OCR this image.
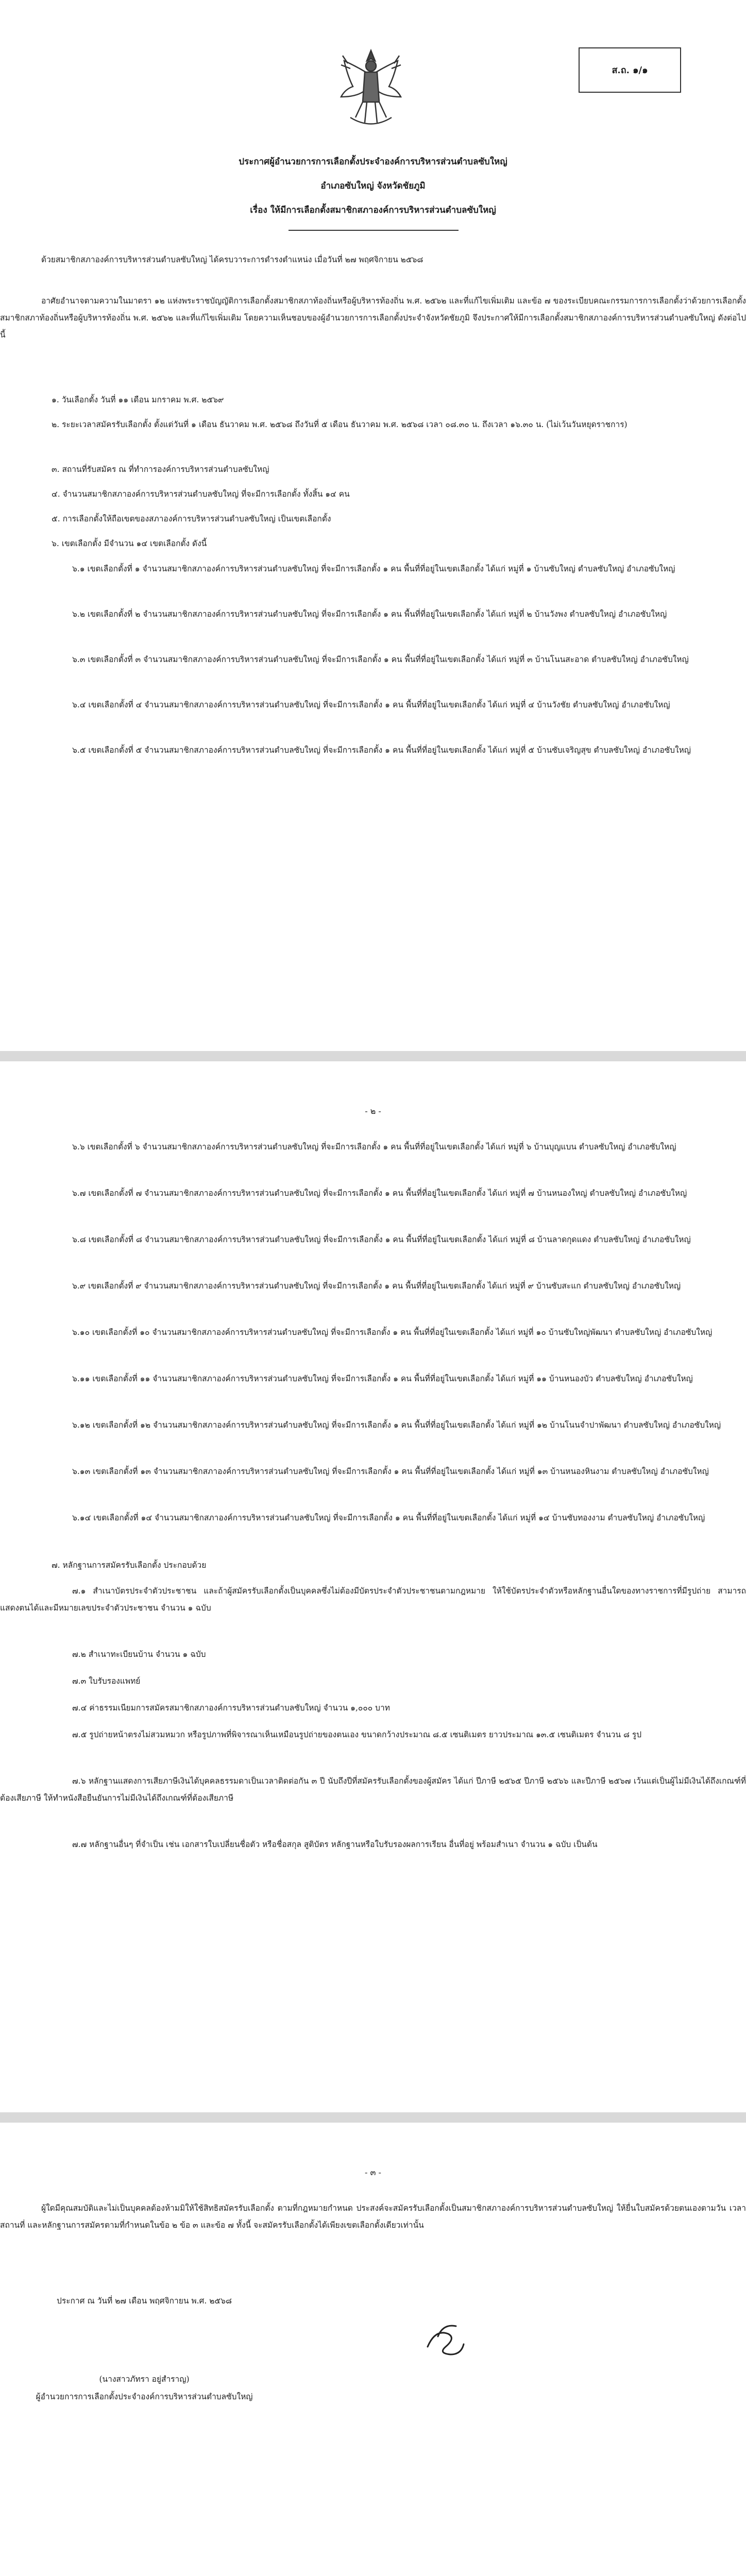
ส.ถ. ๑/๑

ประกาศผู้อำนวยการการเลือกตั้งประจำองค์การบริหารส่วนตำบลซับใหญ่

อำเภอซับใหญ่ จังหวัดชัยภูมิ

เรื่อง ให้มีการเลือกตั้งสมาชิกสภาองค์การบริหารส่วนตำบลซับใหญ่

ด้วยสมาชิกสภาองค์การบริหารส่วนตำบลซับใหญ่ ได้ครบวาระการดำรงตำแหน่ง เมื่อวันที่ ๒๗ พฤศจิกายน ๒๕๖๘

อาศัยอำนาจตามความในมาตรา ๑๒ แห่งพระราชบัญญัติการเลือกตั้งสมาชิกสภาท้องถิ่นหรือผู้บริหารท้องถิ่น พ.ศ. ๒๕๖๒ และที่แก้ไขเพิ่มเติม และข้อ ๗ ของระเบียบคณะกรรมการการเลือกตั้งว่าด้วยการเลือกตั้งสมาชิกสภาท้องถิ่นหรือผู้บริหารท้องถิ่น พ.ศ. ๒๕๖๒ และที่แก้ไขเพิ่มเติม โดยความเห็นชอบของผู้อำนวยการการเลือกตั้งประจำจังหวัดชัยภูมิ จึงประกาศให้มีการเลือกตั้งสมาชิกสภาองค์การบริหารส่วนตำบลซับใหญ่ ดังต่อไปนี้

๑. วันเลือกตั้ง วันที่ ๑๑ เดือน มกราคม พ.ศ. ๒๕๖๙

๒. ระยะเวลาสมัครรับเลือกตั้ง ตั้งแต่วันที่ ๑ เดือน ธันวาคม พ.ศ. ๒๕๖๘ ถึงวันที่ ๕ เดือน ธันวาคม พ.ศ. ๒๕๖๘ เวลา ๐๘.๓๐ น. ถึงเวลา ๑๖.๓๐ น. (ไม่เว้นวันหยุดราชการ)

๓. สถานที่รับสมัคร ณ ที่ทำการองค์การบริหารส่วนตำบลซับใหญ่

๔. จำนวนสมาชิกสภาองค์การบริหารส่วนตำบลซับใหญ่ ที่จะมีการเลือกตั้ง ทั้งสิ้น ๑๔ คน

๕. การเลือกตั้งให้ถือเขตของสภาองค์การบริหารส่วนตำบลซับใหญ่ เป็นเขตเลือกตั้ง

๖. เขตเลือกตั้ง มีจำนวน ๑๔ เขตเลือกตั้ง ดังนี้

๖.๑ เขตเลือกตั้งที่ ๑ จำนวนสมาชิกสภาองค์การบริหารส่วนตำบลซับใหญ่ ที่จะมีการเลือกตั้ง ๑ คน พื้นที่ที่อยู่ในเขตเลือกตั้ง ได้แก่ หมู่ที่ ๑ บ้านซับใหญ่ ตำบลซับใหญ่ อำเภอซับใหญ่

๖.๒ เขตเลือกตั้งที่ ๒ จำนวนสมาชิกสภาองค์การบริหารส่วนตำบลซับใหญ่ ที่จะมีการเลือกตั้ง ๑ คน พื้นที่ที่อยู่ในเขตเลือกตั้ง ได้แก่ หมู่ที่ ๒ บ้านวังพง ตำบลซับใหญ่ อำเภอซับใหญ่

๖.๓ เขตเลือกตั้งที่ ๓ จำนวนสมาชิกสภาองค์การบริหารส่วนตำบลซับใหญ่ ที่จะมีการเลือกตั้ง ๑ คน พื้นที่ที่อยู่ในเขตเลือกตั้ง ได้แก่ หมู่ที่ ๓ บ้านโนนสะอาด ตำบลซับใหญ่ อำเภอซับใหญ่

๖.๔ เขตเลือกตั้งที่ ๔ จำนวนสมาชิกสภาองค์การบริหารส่วนตำบลซับใหญ่ ที่จะมีการเลือกตั้ง ๑ คน พื้นที่ที่อยู่ในเขตเลือกตั้ง ได้แก่ หมู่ที่ ๔ บ้านวังชัย ตำบลซับใหญ่ อำเภอซับใหญ่

๖.๕ เขตเลือกตั้งที่ ๕ จำนวนสมาชิกสภาองค์การบริหารส่วนตำบลซับใหญ่ ที่จะมีการเลือกตั้ง ๑ คน พื้นที่ที่อยู่ในเขตเลือกตั้ง ได้แก่ หมู่ที่ ๕ บ้านซับเจริญสุข ตำบลซับใหญ่ อำเภอซับใหญ่

- ๒ -

๖.๖ เขตเลือกตั้งที่ ๖ จำนวนสมาชิกสภาองค์การบริหารส่วนตำบลซับใหญ่ ที่จะมีการเลือกตั้ง ๑ คน พื้นที่ที่อยู่ในเขตเลือกตั้ง ได้แก่ หมู่ที่ ๖ บ้านบุญแบน ตำบลซับใหญ่ อำเภอซับใหญ่

๖.๗ เขตเลือกตั้งที่ ๗ จำนวนสมาชิกสภาองค์การบริหารส่วนตำบลซับใหญ่ ที่จะมีการเลือกตั้ง ๑ คน พื้นที่ที่อยู่ในเขตเลือกตั้ง ได้แก่ หมู่ที่ ๗ บ้านหนองใหญ่ ตำบลซับใหญ่ อำเภอซับใหญ่

๖.๘ เขตเลือกตั้งที่ ๘ จำนวนสมาชิกสภาองค์การบริหารส่วนตำบลซับใหญ่ ที่จะมีการเลือกตั้ง ๑ คน พื้นที่ที่อยู่ในเขตเลือกตั้ง ได้แก่ หมู่ที่ ๘ บ้านลาดกุดแดง ตำบลซับใหญ่ อำเภอซับใหญ่

๖.๙ เขตเลือกตั้งที่ ๙ จำนวนสมาชิกสภาองค์การบริหารส่วนตำบลซับใหญ่ ที่จะมีการเลือกตั้ง ๑ คน พื้นที่ที่อยู่ในเขตเลือกตั้ง ได้แก่ หมู่ที่ ๙ บ้านซับสะแก ตำบลซับใหญ่ อำเภอซับใหญ่

๖.๑๐ เขตเลือกตั้งที่ ๑๐ จำนวนสมาชิกสภาองค์การบริหารส่วนตำบลซับใหญ่ ที่จะมีการเลือกตั้ง ๑ คน พื้นที่ที่อยู่ในเขตเลือกตั้ง ได้แก่ หมู่ที่ ๑๐ บ้านซับใหญ่พัฒนา ตำบลซับใหญ่ อำเภอซับใหญ่

๖.๑๑ เขตเลือกตั้งที่ ๑๑ จำนวนสมาชิกสภาองค์การบริหารส่วนตำบลซับใหญ่ ที่จะมีการเลือกตั้ง ๑ คน พื้นที่ที่อยู่ในเขตเลือกตั้ง ได้แก่ หมู่ที่ ๑๑ บ้านหนองบัว ตำบลซับใหญ่ อำเภอซับใหญ่

๖.๑๒ เขตเลือกตั้งที่ ๑๒ จำนวนสมาชิกสภาองค์การบริหารส่วนตำบลซับใหญ่ ที่จะมีการเลือกตั้ง ๑ คน พื้นที่ที่อยู่ในเขตเลือกตั้ง ได้แก่ หมู่ที่ ๑๒ บ้านโนนจำปาพัฒนา ตำบลซับใหญ่ อำเภอซับใหญ่

๖.๑๓ เขตเลือกตั้งที่ ๑๓ จำนวนสมาชิกสภาองค์การบริหารส่วนตำบลซับใหญ่ ที่จะมีการเลือกตั้ง ๑ คน พื้นที่ที่อยู่ในเขตเลือกตั้ง ได้แก่ หมู่ที่ ๑๓ บ้านหนองหินงาม ตำบลซับใหญ่ อำเภอซับใหญ่

๖.๑๔ เขตเลือกตั้งที่ ๑๔ จำนวนสมาชิกสภาองค์การบริหารส่วนตำบลซับใหญ่ ที่จะมีการเลือกตั้ง ๑ คน พื้นที่ที่อยู่ในเขตเลือกตั้ง ได้แก่ หมู่ที่ ๑๔ บ้านซับทองงาม ตำบลซับใหญ่ อำเภอซับใหญ่

๗. หลักฐานการสมัครรับเลือกตั้ง ประกอบด้วย

๗.๑ สำเนาบัตรประจำตัวประชาชน และถ้าผู้สมัครรับเลือกตั้งเป็นบุคคลซึ่งไม่ต้องมีบัตรประจำตัวประชาชนตามกฎหมาย ให้ใช้บัตรประจำตัวหรือหลักฐานอื่นใดของทางราชการที่มีรูปถ่าย สามารถแสดงตนได้และมีหมายเลขประจำตัวประชาชน จำนวน ๑ ฉบับ

๗.๒ สำเนาทะเบียนบ้าน จำนวน ๑ ฉบับ

๗.๓ ใบรับรองแพทย์

๗.๔ ค่าธรรมเนียมการสมัครสมาชิกสภาองค์การบริหารส่วนตำบลซับใหญ่ จำนวน ๑,๐๐๐ บาท

๗.๕ รูปถ่ายหน้าตรงไม่สวมหมวก หรือรูปภาพที่พิจารณาเห็นเหมือนรูปถ่ายของตนเอง ขนาดกว้างประมาณ ๘.๕ เซนติเมตร ยาวประมาณ ๑๓.๕ เซนติเมตร จำนวน ๘ รูป

๗.๖ หลักฐานแสดงการเสียภาษีเงินได้บุคคลธรรมดาเป็นเวลาติดต่อกัน ๓ ปี นับถึงปีที่สมัครรับเลือกตั้งของผู้สมัคร ได้แก่ ปีภาษี ๒๕๖๕ ปีภาษี ๒๕๖๖ และปีภาษี ๒๕๖๗ เว้นแต่เป็นผู้ไม่มีเงินได้ถึงเกณฑ์ที่ต้องเสียภาษี ให้ทำหนังสือยืนยันการไม่มีเงินได้ถึงเกณฑ์ที่ต้องเสียภาษี

๗.๗ หลักฐานอื่นๆ ที่จำเป็น เช่น เอกสารใบเปลี่ยนชื่อตัว หรือชื่อสกุล สูติบัตร หลักฐานหรือใบรับรองผลการเรียน อื่นที่อยู่ พร้อมสำเนา จำนวน ๑ ฉบับ เป็นต้น

- ๓ -

ผู้ใดมีคุณสมบัติและไม่เป็นบุคคลต้องห้ามมิให้ใช้สิทธิสมัครรับเลือกตั้ง ตามที่กฎหมายกำหนด ประสงค์จะสมัครรับเลือกตั้งเป็นสมาชิกสภาองค์การบริหารส่วนตำบลซับใหญ่ ให้ยื่นใบสมัครด้วยตนเองตามวัน เวลา สถานที่ และหลักฐานการสมัครตามที่กำหนดในข้อ ๒ ข้อ ๓ และข้อ ๗ ทั้งนี้ จะสมัครรับเลือกตั้งได้เพียงเขตเลือกตั้งเดียวเท่านั้น

ประกาศ ณ วันที่ ๒๗ เดือน พฤศจิกายน พ.ศ. ๒๕๖๘

(นางสาวภัทรา อยู่สำราญ)

ผู้อำนวยการการเลือกตั้งประจำองค์การบริหารส่วนตำบลซับใหญ่
